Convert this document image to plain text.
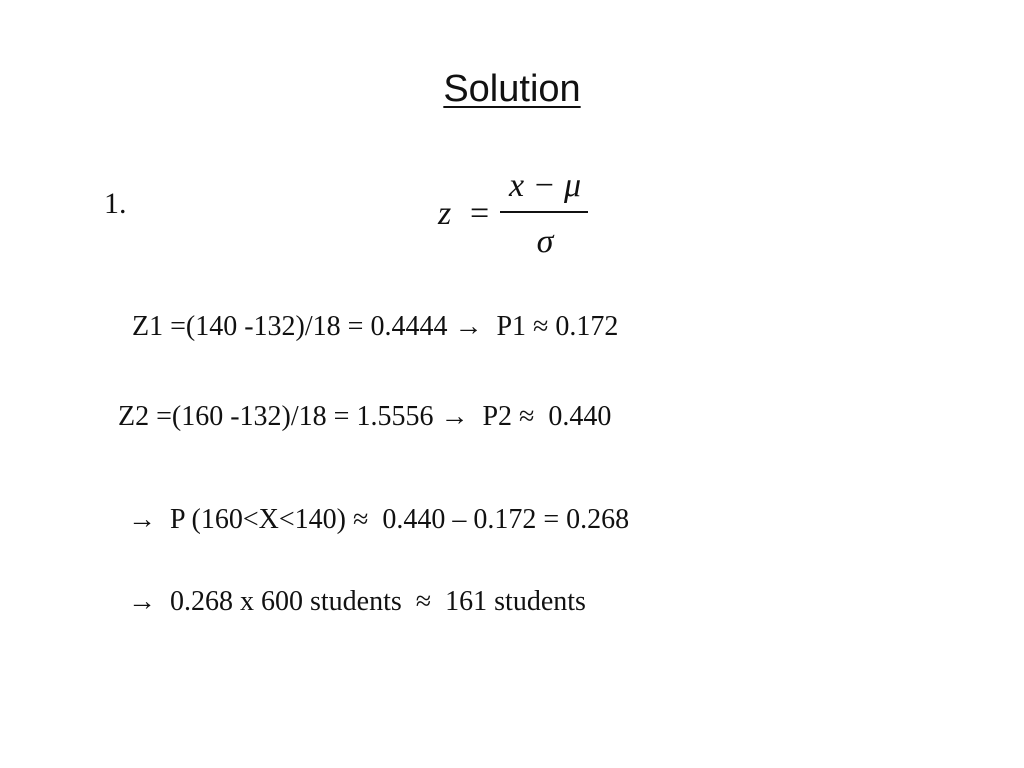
Solution
1.	z =
x − μ
σ
Z1 =(140 -132)/18 = 0.4444 →  P1 ≈ 0.172
Z2 =(160 -132)/18 = 1.5556 →  P2 ≈  0.440
→  P (160<X<140) ≈  0.440 – 0.172 = 0.268
→  0.268 x 600 students  ≈  161 students
